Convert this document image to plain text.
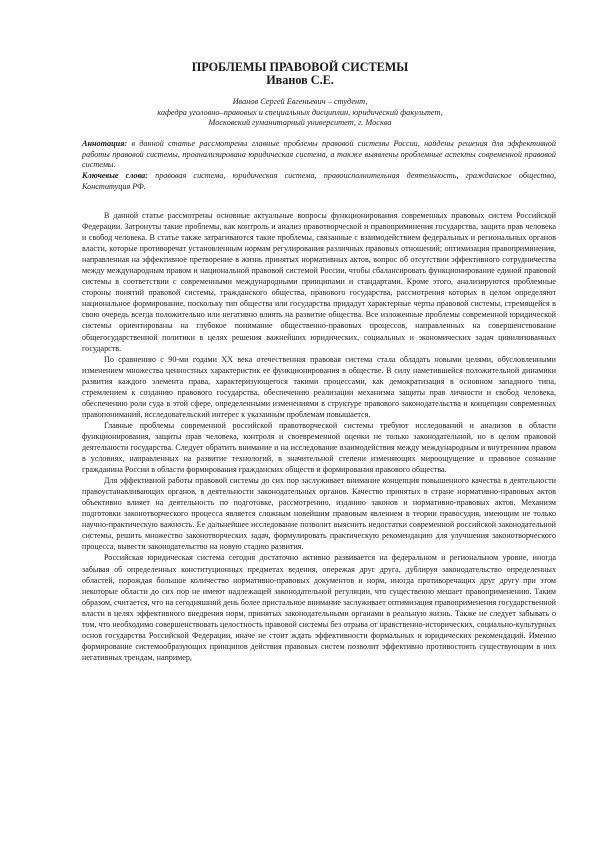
ПРОБЛЕМЫ ПРАВОВОЙ СИСТЕМЫ
Иванов С.Е.
Иванов Сергей Евгеньевич – студент,
кафедра уголовно–правовых и специальных дисциплин, юридический факультет,
Московский гуманитарный университет, г. Москва

Аннотация: в данной статье рассмотрены главные проблемы правовой системы России, найдены решения для эффективной работы правовой системы, проанализирована юридическая система, а также выявлены проблемные аспекты современной правовой системы.

Ключевые слова: правовая система, юридическая система, правоисполнительная деятельность, гражданское общество, Конституция РФ.

В данной статье рассмотрены основные актуальные вопросы функционирования современных правовых систем Российской Федерации. Затронуты такие проблемы, как контроль и анализ правотворческой и правоприминения государства, защита прав человека и свобод человека. В статье также затрагиваются такие проблемы, связанные с взаимодействием федеральных и региональных органов власти, которые противоречат установленным нормам регулирования различных правовых отношений; оптимизация правоприминения, направленная на эффективное претворение в жизнь принятых нормативных актов, вопрос об отсутствии эффективного сотрудничества между международным правом и национальной правовой системой России, чтобы сбалансировать функционирование единой правовой системы в соответствии с современными международными принципами и стандартами. Кроме этого, анализируются проблемные стороны понятий правовой системы, гражданского общества, правового государства, рассмотрения которых в целом определяют национальное формирование, поскольку тип общества или государства придадут характерные черты правовой системы, стремящейся в свою очередь всегда положительно или негативно влиять на развитие общества. Все изложенные проблемы современной юридической системы ориентированы на глубокое понимание общественно-правовых процессов, направленных на совершенствование общегосударственной политики в целях решения важнейших юридических, социальных и экономических задач цивилизованных государств.

По сравнению с 90-ми годами XX века отечественная правовая система стала обладать новыми целями, обусловленными изменением множества ценностных характеристик ее функционирования в обществе. В силу наметившейся положительной динамики развития каждого элемента права, характеризующегося такими процессами, как демократизация в основном западного типа, стремлением к созданию правового государства, обеспечению реализации механизма защиты прав личности и свобод человека, обеспечению роли суда в этой сфере, определенными изменениями в структуре правового законодательства и концепции современных правопониманий, исследовательский интерес к указанным проблемам повышается.

Главные проблемы современной российской правотворческой системы требуют исследований и анализов в области функционирования, защиты прав человека, контроля и своевременной оценки не только законодательной, но в целом правовой деятельности государства. Следует обратить внимание и на исследование взаимодействия между международным и внутренним правом в условиях, направленных на развитие технологий, в значительной степени изменяющих мироощущение и правовое сознание гражданина России в области формирования гражданских обществ и формирования правового общества.

Для эффективной работы правовой системы до сих пор заслуживает внимание концепция повышенного качества в деятельности правоустанавливающих органов, в деятельности законодательных органов. Качество принятых в стране нормативно-правовых актов объективно влияет на деятельность по подготовке, рассмотрению, изданию законов и нормативно-правовых актов. Механизм подготовки законотворческого процесса является сложным новейшим правовым явлением в теории правосудия, имеющим не только научно-практическую важность. Ее дальнейшее исследование позволит выяснить недостатки современной российской законодательной системы, решить множество законотворческих задач, формулировать практическую рекомендацию для улучшения законотворческого процесса, вывести законодательство на новую стадию развития.

Российская юридическая система сегодня достаточно активно развивается на федеральном и региональном уровне, иногда забывая об определенных конституционных предметах ведения, опережая друг друга, дублируя законодательство определенных областей, порождая большое количество нормативно-правовых документов и норм, иногда противоречащих друг другу при этом некоторые области до сих пор не имеют надлежащей законодательной регуляции, что существенно мешает правоприменению. Таким образом, считается, что на сегодняшний день более пристальное внимание заслуживает оптимизация правоприменения государственной власти в целях эффективного внедрения норм, принятых законодательными органами в реальную жизнь. Также не следует забывать о том, что необходимо совершенствовать целостность правовой системы без отрыва от нравственно-исторических, социально-культурных основ государства Российской Федерации, иначе не стоит ждать эффективности формальных и юридических рекомендаций. Именно формирование системообразующих принципов действия правовых систем позволит эффективно противостоять существующим в них негативных трендам, например,
